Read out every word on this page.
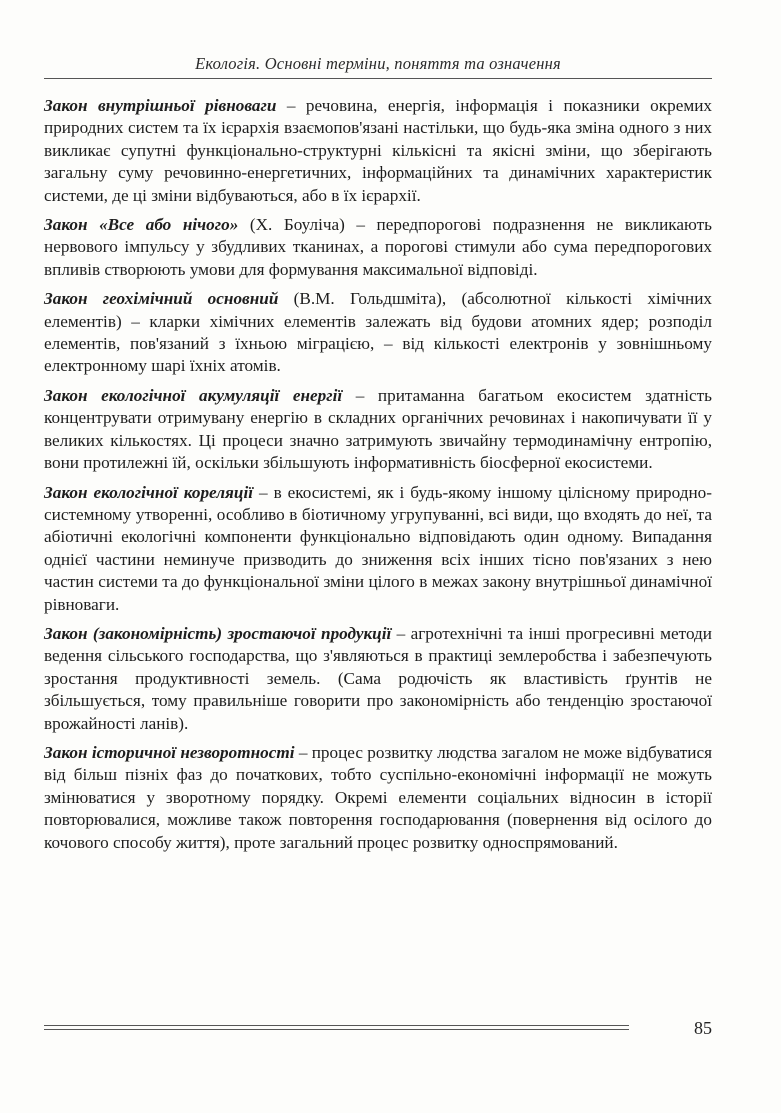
Екологія. Основні терміни, поняття та означення

Закон внутрішньої рівноваги – речовина, енергія, інформація і показники окремих природних систем та їх ієрархія взаємопов'язані настільки, що будь-яка зміна одного з них викликає супутні функціонально-структурні кількісні та якісні зміни, що зберігають загальну суму речовинно-енергетичних, інформаційних та динамічних характеристик системи, де ці зміни відбуваються, або в їх ієрархії.

Закон «Все або нічого» (Х. Боуліча) – передпорогові подразнення не викликають нервового імпульсу у збудливих тканинах, а порогові стимули або сума передпорогових впливів створюють умови для формування максимальної відповіді.

Закон геохімічний основний (В.М. Гольдшміта), (абсолютної кількості хімічних елементів) – кларки хімічних елементів залежать від будови атомних ядер; розподіл елементів, пов'язаний з їхньою міграцією, – від кількості електронів у зовнішньому електронному шарі їхніх атомів.

Закон екологічної акумуляції енергії – притаманна багатьом екосистем здатність концентрувати отримувану енергію в складних органічних речовинах і накопичувати її у великих кількостях. Ці процеси значно затримують звичайну термодинамічну ентропію, вони протилежні їй, оскільки збільшують інформативність біосферної екосистеми.

Закон екологічної кореляції – в екосистемі, як і будь-якому іншому цілісному природно-системному утворенні, особливо в біотичному угрупуванні, всі види, що входять до неї, та абіотичні екологічні компоненти функціонально відповідають один одному. Випадання однієї частини неминуче призводить до зниження всіх інших тісно пов'язаних з нею частин системи та до функціональної зміни цілого в межах закону внутрішньої динамічної рівноваги.

Закон (закономірність) зростаючої продукції – агротехнічні та інші прогресивні методи ведення сільського господарства, що з'являються в практиці землеробства і забезпечують зростання продуктивності земель. (Сама родючість як властивість ґрунтів не збільшується, тому правильніше говорити про закономірність або тенденцію зростаючої врожайності ланів).

Закон історичної незворотності – процес розвитку людства загалом не може відбуватися від більш пізніх фаз до початкових, тобто суспільно-економічні інформації не можуть змінюватися у зворотному порядку. Окремі елементи соціальних відносин в історії повторювалися, можливе також повторення господарювання (повернення від осілого до кочового способу життя), проте загальний процес розвитку односпрямований.

85
